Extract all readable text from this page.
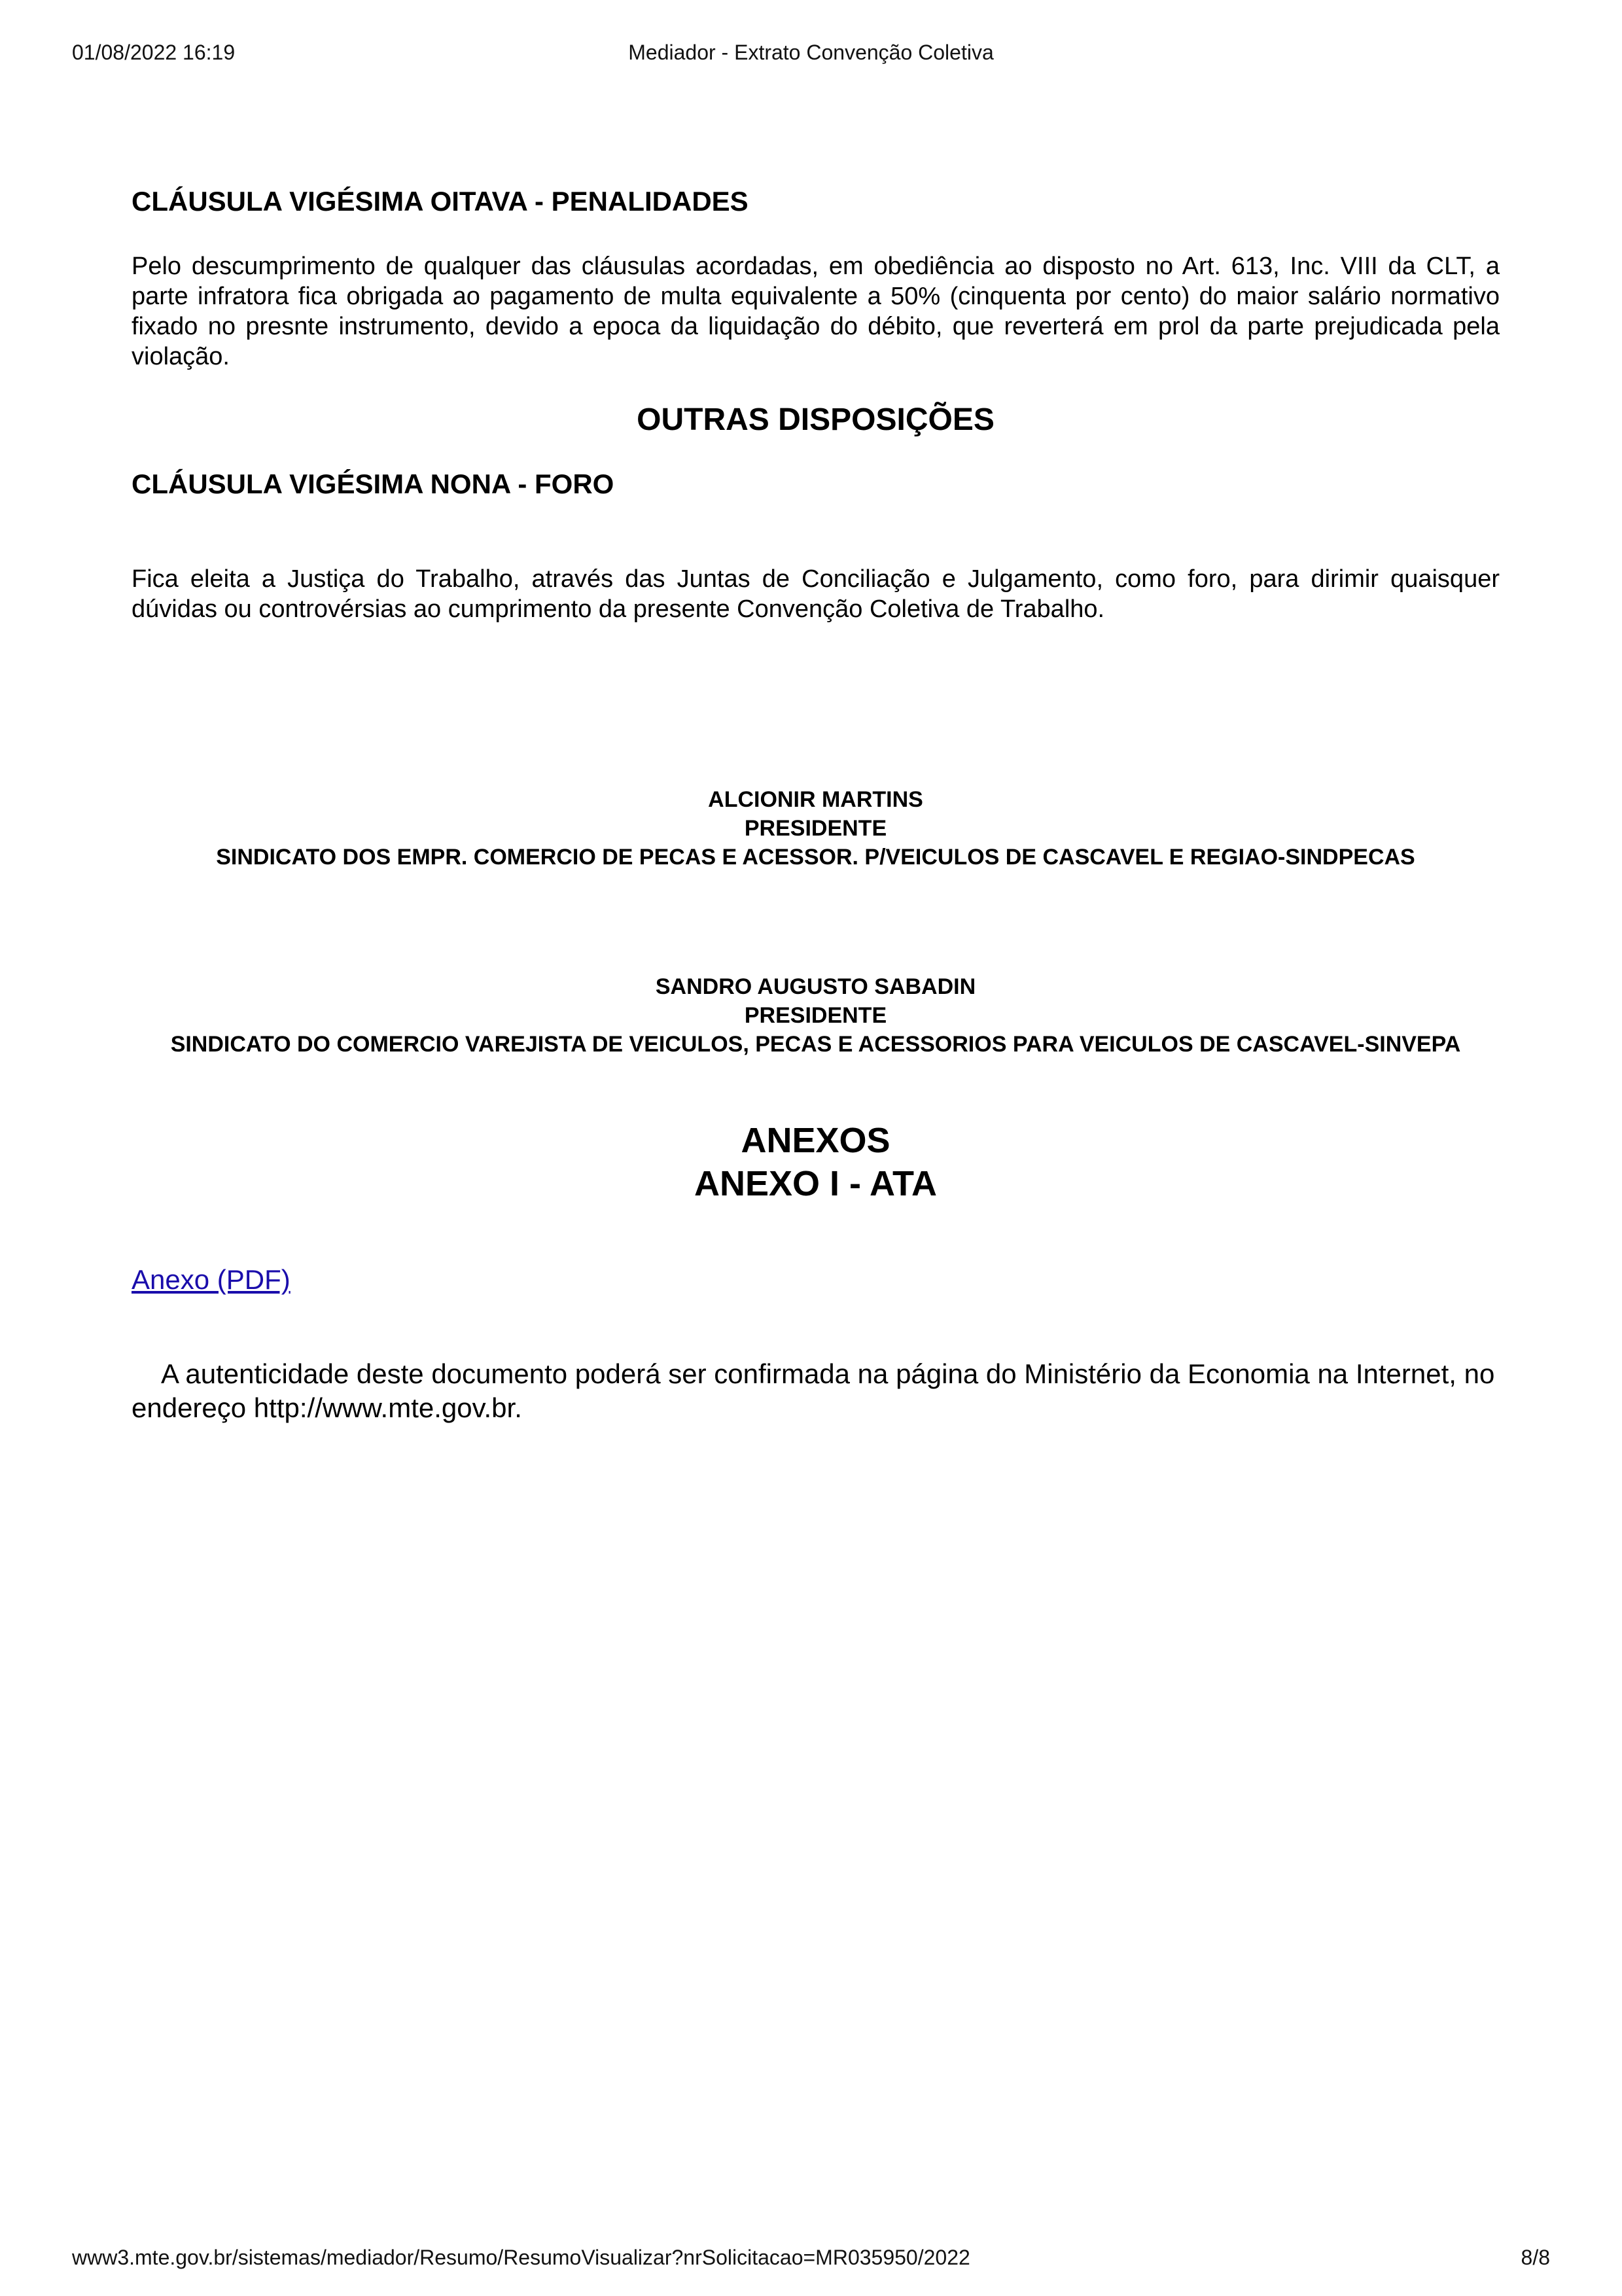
01/08/2022 16:19	Mediador - Extrato Convenção Coletiva
CLÁUSULA VIGÉSIMA OITAVA - PENALIDADES
Pelo descumprimento de qualquer das cláusulas acordadas, em obediência ao disposto no Art. 613, Inc. VIII da CLT, a parte infratora fica obrigada ao pagamento de multa equivalente a 50% (cinquenta por cento) do maior salário normativo fixado no presnte instrumento, devido a epoca da liquidação do débito, que reverterá em prol da parte prejudicada pela violação.
OUTRAS DISPOSIÇÕES
CLÁUSULA VIGÉSIMA NONA - FORO
Fica eleita a Justiça do Trabalho, através das Juntas de Conciliação e Julgamento, como foro, para dirimir quaisquer dúvidas ou controvérsias ao cumprimento da presente Convenção Coletiva de Trabalho.
ALCIONIR MARTINS
PRESIDENTE
SINDICATO DOS EMPR. COMERCIO DE PECAS E ACESSOR. P/VEICULOS DE CASCAVEL E REGIAO-SINDPECAS
SANDRO AUGUSTO SABADIN
PRESIDENTE
SINDICATO DO COMERCIO VAREJISTA DE VEICULOS, PECAS E ACESSORIOS PARA VEICULOS DE CASCAVEL-SINVEPA
ANEXOS
ANEXO I - ATA
Anexo (PDF)
A autenticidade deste documento poderá ser confirmada na página do Ministério da Economia na Internet, no endereço http://www.mte.gov.br.
www3.mte.gov.br/sistemas/mediador/Resumo/ResumoVisualizar?nrSolicitacao=MR035950/2022	8/8
